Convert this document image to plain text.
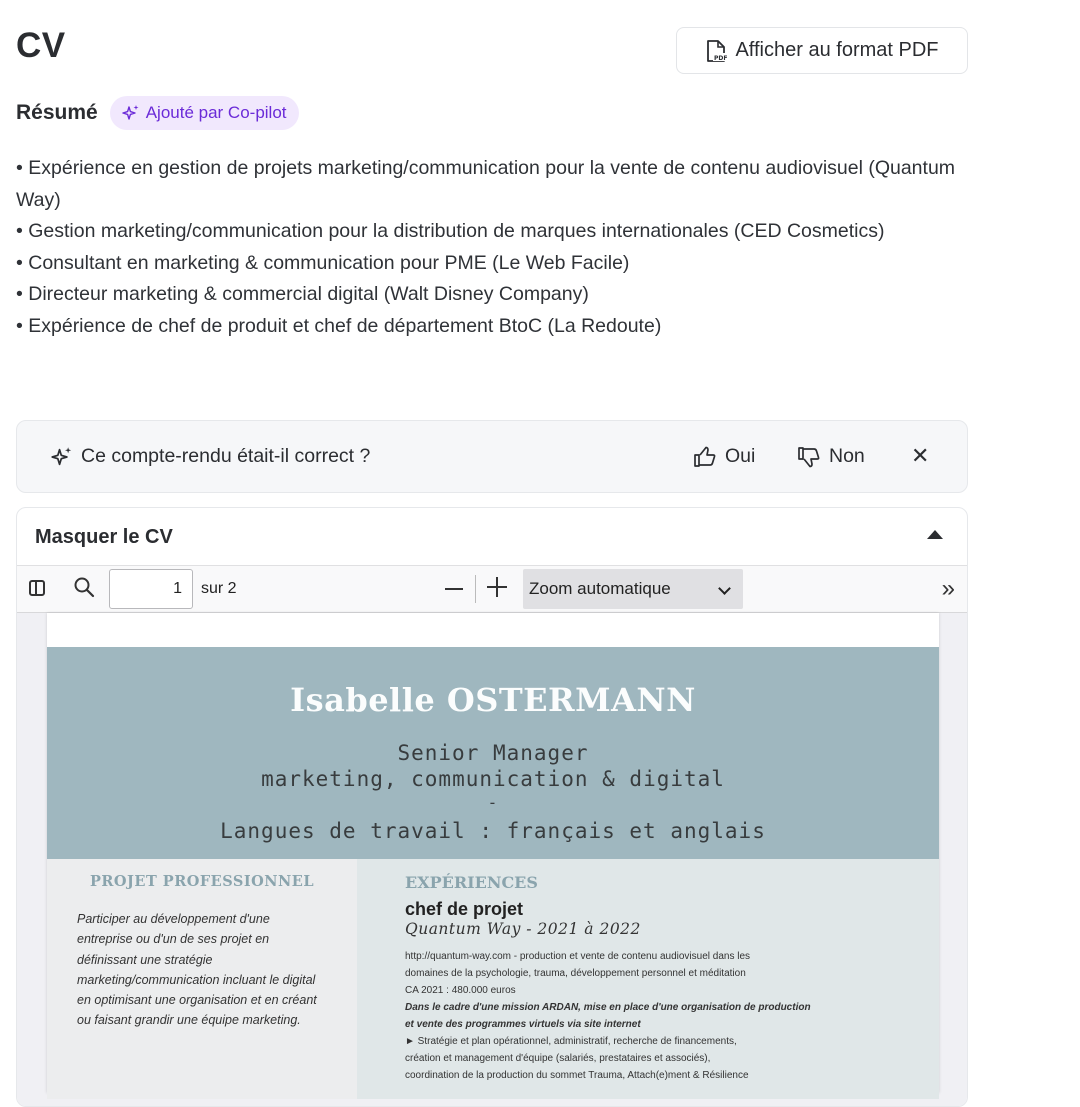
CV	PDF Afficher au format PDF
Résumé	Ajouté par Co-pilot

• Expérience en gestion de projets marketing/communication pour la vente de contenu audiovisuel (Quantum Way)

• Gestion marketing/communication pour la distribution de marques internationales (CED Cosmetics)

• Consultant en marketing & communication pour PME (Le Web Facile)

• Directeur marketing & commercial digital (Walt Disney Company)

• Expérience de chef de produit et chef de département BtoC (La Redoute)

Ce compte-rendu était-il correct ?	Oui	Non ✕
Masquer le CV
1	sur 2	Zoom automatique	»
Isabelle OSTERMANN
Senior Manager
marketing, communication & digital
-
Langues de travail : français et anglais
PROJET PROFESSIONNEL
Participer au développement d'une entreprise ou d'un de ses projet en définissant une stratégie marketing/communication incluant le digital en optimisant une organisation et en créant ou faisant grandir une équipe marketing.
EXPÉRIENCES
chef de projet
Quantum Way - 2021 à 2022
http://quantum-way.com - production et vente de contenu audiovisuel dans les
domaines de la psychologie, trauma, développement personnel et méditation
CA 2021 : 480.000 euros
Dans le cadre d'une mission ARDAN, mise en place d'une organisation de production
et vente des programmes virtuels via site internet
► Stratégie et plan opérationnel, administratif, recherche de financements,
création et management d'équipe (salariés, prestataires et associés),
coordination de la production du sommet Trauma, Attach(e)ment & Résilience
